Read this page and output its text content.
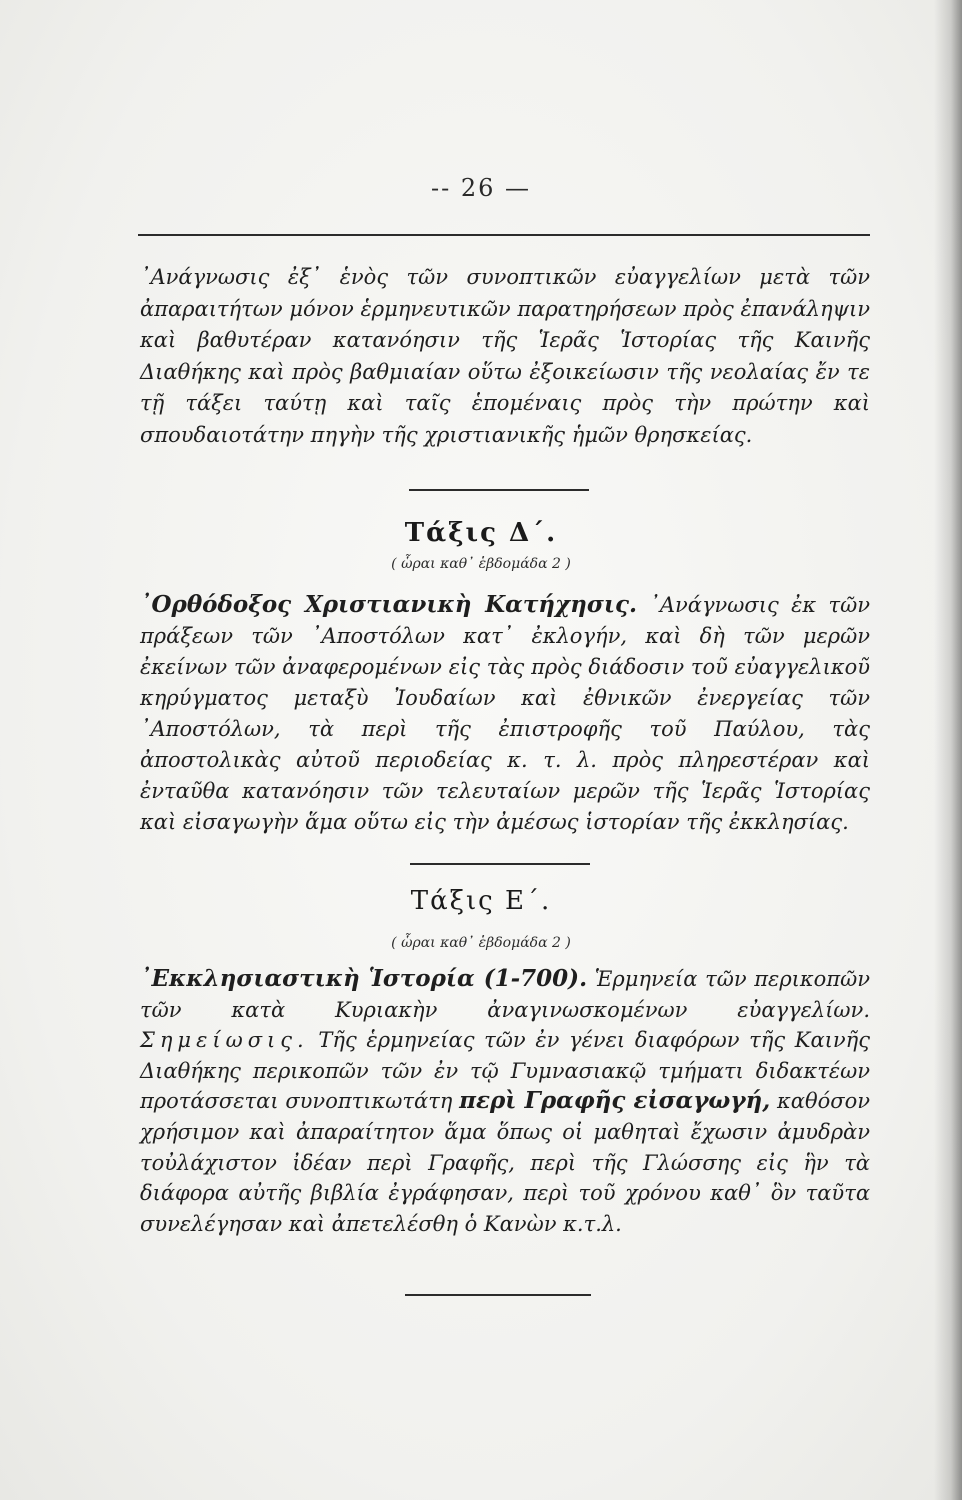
-- 26 —
᾿Ανάγνωσις ἐξ᾿ ἑνὸς τῶν συνοπτικῶν εὐαγγελίων μετὰ τῶν ἀπαραιτήτων μόνον ἑρμηνευτικῶν παρατηρήσεων πρὸς ἐπανάληψιν καὶ βαθυτέραν κατανόησιν τῆς Ἱερᾶς Ἱστορίας τῆς Καινῆς Διαθήκης καὶ πρὸς βαθμιαίαν οὕτω ἐξοικείωσιν τῆς νεολαίας ἔν τε τῇ τάξει ταύτῃ καὶ ταῖς ἑπομέναις πρὸς τὴν πρώτην καὶ σπουδαιοτάτην πηγὴν τῆς χριστιανικῆς ἡμῶν θρησκείας.
Τάξις Δ΄.
( ὧραι καθ᾿ ἑβδομάδα 2 )
᾿Ορθόδοξος Χριστιανικὴ Κατήχησις. ᾿Ανάγνωσις ἐκ τῶν πράξεων τῶν ᾿Αποστόλων κατ᾿ ἐκλογήν, καὶ δὴ τῶν μερῶν ἐκείνων τῶν ἀναφερομένων εἰς τὰς πρὸς διάδοσιν τοῦ εὐαγγελικοῦ κηρύγματος μεταξὺ Ἰουδαίων καὶ ἐθνικῶν ἐνεργείας τῶν ᾿Αποστόλων, τὰ περὶ τῆς ἐπιστροφῆς τοῦ Παύλου, τὰς ἀποστολικὰς αὐτοῦ περιοδείας κ. τ. λ. πρὸς πληρεστέραν καὶ ἐνταῦθα κατανόησιν τῶν τελευταίων μερῶν τῆς Ἱερᾶς Ἱστορίας καὶ εἰσαγωγὴν ἅμα οὕτω εἰς τὴν ἀμέσως ἱστορίαν τῆς ἐκκλησίας.
Τάξις Ε΄.
( ὧραι καθ᾿ ἑβδομάδα 2 )
᾿Εκκλησιαστικὴ Ἱστορία (1-700). Ἑρμηνεία τῶν περικοπῶν τῶν κατὰ Κυριακὴν ἀναγινωσκομένων εὐαγγελίων. Σημείωσις. Τῆς ἑρμηνείας τῶν ἐν γένει διαφόρων τῆς Καινῆς Διαθήκης περικοπῶν τῶν ἐν τῷ Γυμνασιακῷ τμήματι διδακτέων προτάσσεται συνοπτικωτάτη περὶ Γραφῆς εἰσαγωγή, καθόσον χρήσιμον καὶ ἀπαραίτητον ἅμα ὅπως οἱ μαθηταὶ ἔχωσιν ἀμυδρὰν τοὐλάχιστον ἰδέαν περὶ Γραφῆς, περὶ τῆς Γλώσσης εἰς ἣν τὰ διάφορα αὐτῆς βιβλία ἐγράφησαν, περὶ τοῦ χρόνου καθ᾿ ὃν ταῦτα συνελέγησαν καὶ ἀπετελέσθη ὁ Κανὼν κ.τ.λ.
